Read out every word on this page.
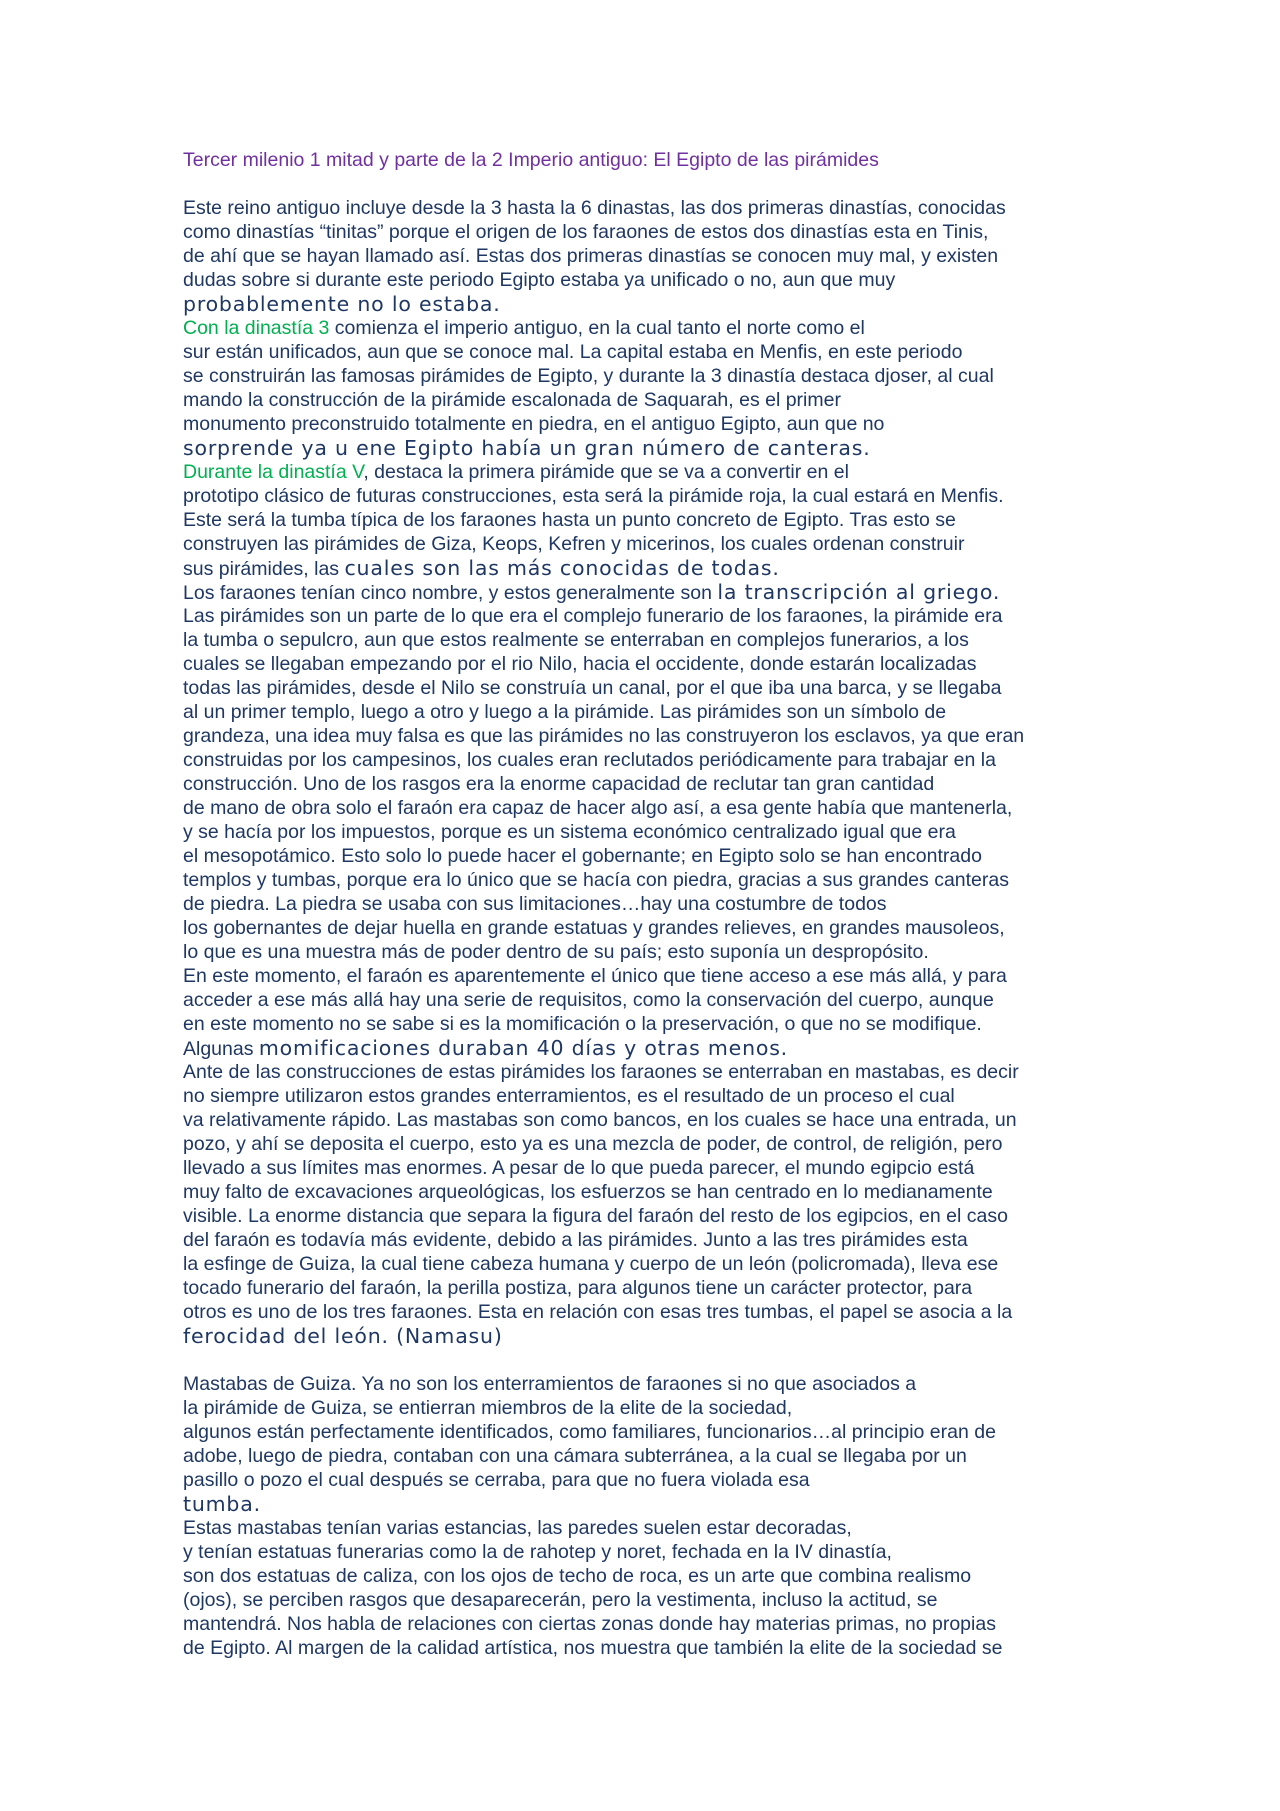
Tercer milenio 1 mitad y parte de la 2 Imperio antiguo: El Egipto de las pirámides
Este reino antiguo incluye desde la 3 hasta la 6 dinastas, las dos primeras dinastías, conocidas
como dinastías “tinitas” porque el origen de los faraones de estos dos dinastías esta en Tinis,
de ahí que se hayan llamado así. Estas dos primeras dinastías se conocen muy mal, y existen
dudas sobre si durante este periodo Egipto estaba ya unificado o no, aun que muy
probablemente no lo estaba.
Con la dinastía 3 comienza el imperio antiguo, en la cual tanto el norte como el
sur están unificados, aun que se conoce mal. La capital estaba en Menfis, en este periodo
se construirán las famosas pirámides de Egipto, y durante la 3 dinastía destaca djoser, al cual
mando la construcción de la pirámide escalonada de Saquarah, es el primer
monumento preconstruido totalmente en piedra, en el antiguo Egipto, aun que no
sorprende ya u ene Egipto había un gran número de canteras.
Durante la dinastía V, destaca la primera pirámide que se va a convertir en el
prototipo clásico de futuras construcciones, esta será la pirámide roja, la cual estará en Menfis.
Este será la tumba típica de los faraones hasta un punto concreto de Egipto. Tras esto se
construyen las pirámides de Giza, Keops, Kefren y micerinos, los cuales ordenan construir
sus pirámides, las cuales son las más conocidas de todas.
Los faraones tenían cinco nombre, y estos generalmente son la transcripción al griego.
Las pirámides son un parte de lo que era el complejo funerario de los faraones, la pirámide era
la tumba o sepulcro, aun que estos realmente se enterraban en complejos funerarios, a los
cuales se llegaban empezando por el rio Nilo, hacia el occidente, donde estarán localizadas
todas las pirámides, desde el Nilo se construía un canal, por el que iba una barca, y se llegaba
al un primer templo, luego a otro y luego a la pirámide. Las pirámides son un símbolo de
grandeza, una idea muy falsa es que las pirámides no las construyeron los esclavos, ya que eran
construidas por los campesinos, los cuales eran reclutados periódicamente para trabajar en la
construcción. Uno de los rasgos era la enorme capacidad de reclutar tan gran cantidad
de mano de obra solo el faraón era capaz de hacer algo así, a esa gente había que mantenerla,
y se hacía por los impuestos, porque es un sistema económico centralizado igual que era
el mesopotámico. Esto solo lo puede hacer el gobernante; en Egipto solo se han encontrado
templos y tumbas, porque era lo único que se hacía con piedra, gracias a sus grandes canteras
de piedra. La piedra se usaba con sus limitaciones…hay una costumbre de todos
los gobernantes de dejar huella en grande estatuas y grandes relieves, en grandes mausoleos,
lo que es una muestra más de poder dentro de su país; esto suponía un despropósito.
En este momento, el faraón es aparentemente el único que tiene acceso a ese más allá, y para
acceder a ese más allá hay una serie de requisitos, como la conservación del cuerpo, aunque
en este momento no se sabe si es la momificación o la preservación, o que no se modifique.
Algunas momificaciones duraban 40 días y otras menos.
Ante de las construcciones de estas pirámides los faraones se enterraban en mastabas, es decir
no siempre utilizaron estos grandes enterramientos, es el resultado de un proceso el cual
va relativamente rápido. Las mastabas son como bancos, en los cuales se hace una entrada, un
pozo, y ahí se deposita el cuerpo, esto ya es una mezcla de poder, de control, de religión, pero
llevado a sus límites mas enormes. A pesar de lo que pueda parecer, el mundo egipcio está
muy falto de excavaciones arqueológicas, los esfuerzos se han centrado en lo medianamente
visible. La enorme distancia que separa la figura del faraón del resto de los egipcios, en el caso
del faraón es todavía más evidente, debido a las pirámides. Junto a las tres pirámides esta
la esfinge de Guiza, la cual tiene cabeza humana y cuerpo de un león (policromada), lleva ese
tocado funerario del faraón, la perilla postiza, para algunos tiene un carácter protector, para
otros es uno de los tres faraones. Esta en relación con esas tres tumbas, el papel se asocia a la
ferocidad del león. (Namasu)
Mastabas de Guiza. Ya no son los enterramientos de faraones si no que asociados a
la pirámide de Guiza, se entierran miembros de la elite de la sociedad,
algunos están perfectamente identificados, como familiares, funcionarios…al principio eran de
adobe, luego de piedra, contaban con una cámara subterránea, a la cual se llegaba por un
pasillo o pozo el cual después se cerraba, para que no fuera violada esa
tumba.
Estas mastabas tenían varias estancias, las paredes suelen estar decoradas,
y tenían estatuas funerarias como la de rahotep y noret, fechada en la IV dinastía,
son dos estatuas de caliza, con los ojos de techo de roca, es un arte que combina realismo
(ojos), se perciben rasgos que desaparecerán, pero la vestimenta, incluso la actitud, se
mantendrá. Nos habla de relaciones con ciertas zonas donde hay materias primas, no propias
de Egipto. Al margen de la calidad artística, nos muestra que también la elite de la sociedad se
